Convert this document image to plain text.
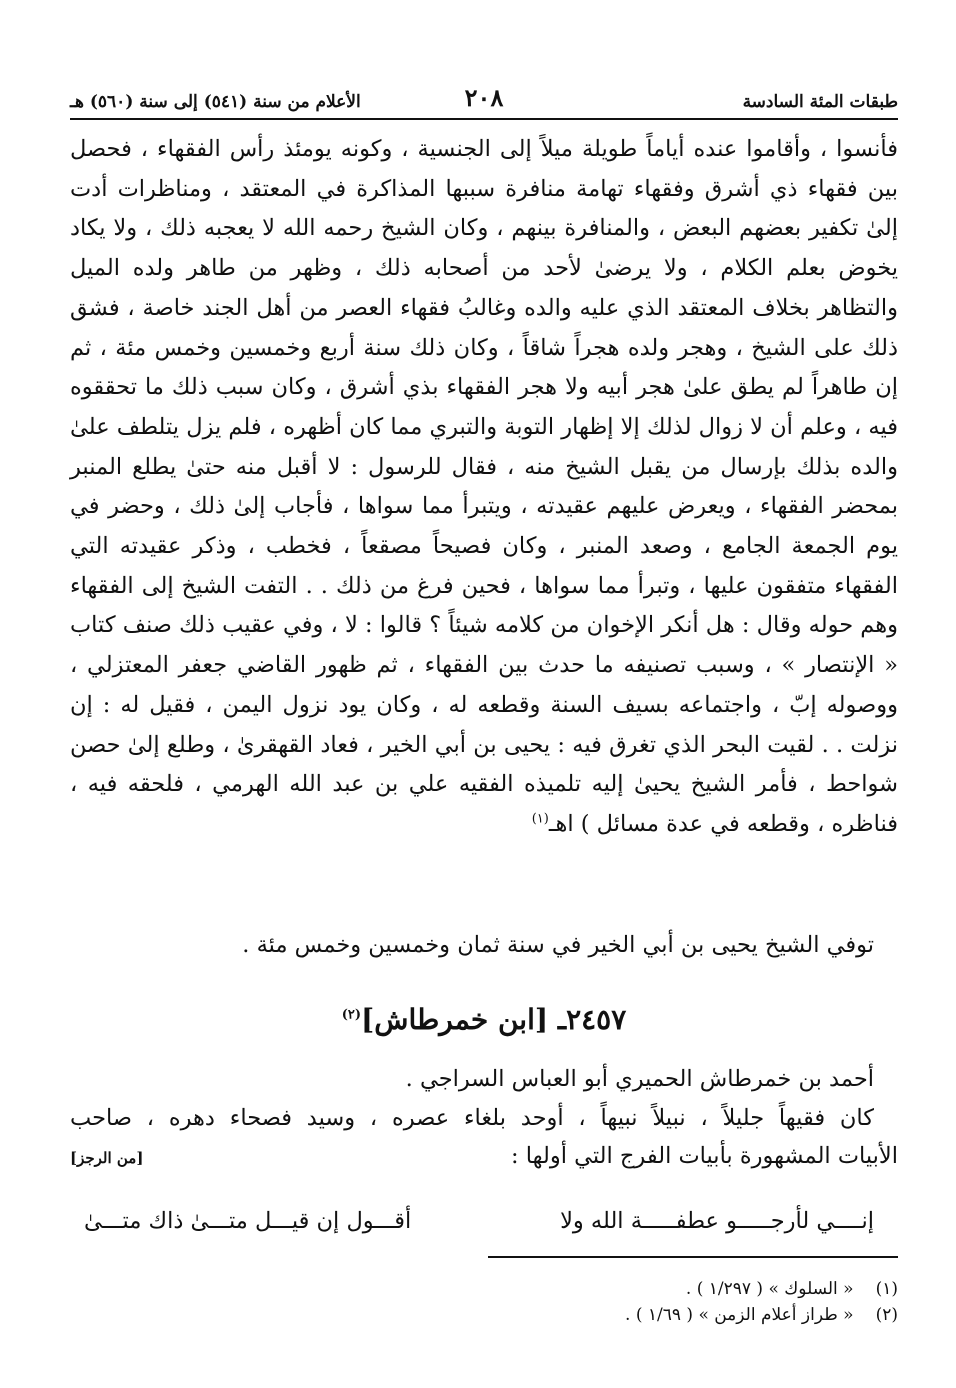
طبقات المئة السادسة
٢٠٨
الأعلام من سنة (٥٤١) إلى سنة (٥٦٠) هـ

فأنسوا ، وأقاموا عنده أياماً طويلة ميلاً إلى الجنسية ، وكونه يومئذ رأس الفقهاء ، فحصل بين فقهاء ذي أشرق وفقهاء تهامة منافرة سببها المذاكرة في المعتقد ، ومناظرات أدت إلىٰ تكفير بعضهم البعض ، والمنافرة بينهم ، وكان الشيخ رحمه الله لا يعجبه ذلك ، ولا يكاد يخوض بعلم الكلام ، ولا يرضىٰ لأحد من أصحابه ذلك ، وظهر من طاهر ولده الميل والتظاهر بخلاف المعتقد الذي عليه والده وغالبُ فقهاء العصر من أهل الجند خاصة ، فشق ذلك على الشيخ ، وهجر ولده هجراً شاقاً ، وكان ذلك سنة أربع وخمسين وخمس مئة ، ثم إن طاهراً لم يطق علىٰ هجر أبيه ولا هجر الفقهاء بذي أشرق ، وكان سبب ذلك ما تحققوه فيه ، وعلم أن لا زوال لذلك إلا إظهار التوبة والتبري مما كان أظهره ، فلم يزل يتلطف علىٰ والده بذلك بإرسال من يقبل الشيخ منه ، فقال للرسول : لا أقبل منه حتىٰ يطلع المنبر بمحضر الفقهاء ، ويعرض عليهم عقيدته ، ويتبرأ مما سواها ، فأجاب إلىٰ ذلك ، وحضر في يوم الجمعة الجامع ، وصعد المنبر ، وكان فصيحاً مصقعاً ، فخطب ، وذكر عقيدته التي الفقهاء متفقون عليها ، وتبرأ مما سواها ، فحين فرغ من ذلك . . التفت الشيخ إلى الفقهاء وهم حوله وقال : هل أنكر الإخوان من كلامه شيئاً ؟ قالوا : لا ، وفي عقيب ذلك صنف كتاب « الإنتصار » ، وسبب تصنيفه ما حدث بين الفقهاء ، ثم ظهور القاضي جعفر المعتزلي ، ووصوله إبّ ، واجتماعه بسيف السنة وقطعه له ، وكان يود نزول اليمن ، فقيل له : إن نزلت . . لقيت البحر الذي تغرق فيه : يحيى بن أبي الخير ، فعاد القهقرىٰ ، وطلع إلىٰ حصن شواحط ، فأمر الشيخ يحيىٰ إليه تلميذه الفقيه علي بن عبد الله الهرمي ، فلحقه فيه ، فناظره ، وقطعه في عدة مسائل ) اهـ$^{(١)}$

توفي الشيخ يحيى بن أبي الخير في سنة ثمان وخمسين وخمس مئة .
٢٤٥٧ـ [ابن خمرطاش]$^{(٢)}$
أحمد بن خمرطاش الحميري أبو العباس السراجي .
كان فقيهاً جليلاً ، نبيلاً نبيهاً ، أوحد بلغاء عصره ، وسيد فصحاء دهره ، صاحب
الأبيات المشهورة بأبيات الفرج التي أولها :
[من الرجز]
إنــــي لأرجـــــو عطفـــــة الله ولا
أقـــول إن قيـــل متـــىٰ ذاك متـــىٰ
(١)
« السلوك » ( ١/٢٩٧ ) .
(٢)
« طراز أعلام الزمن » ( ١/٦٩ ) .
